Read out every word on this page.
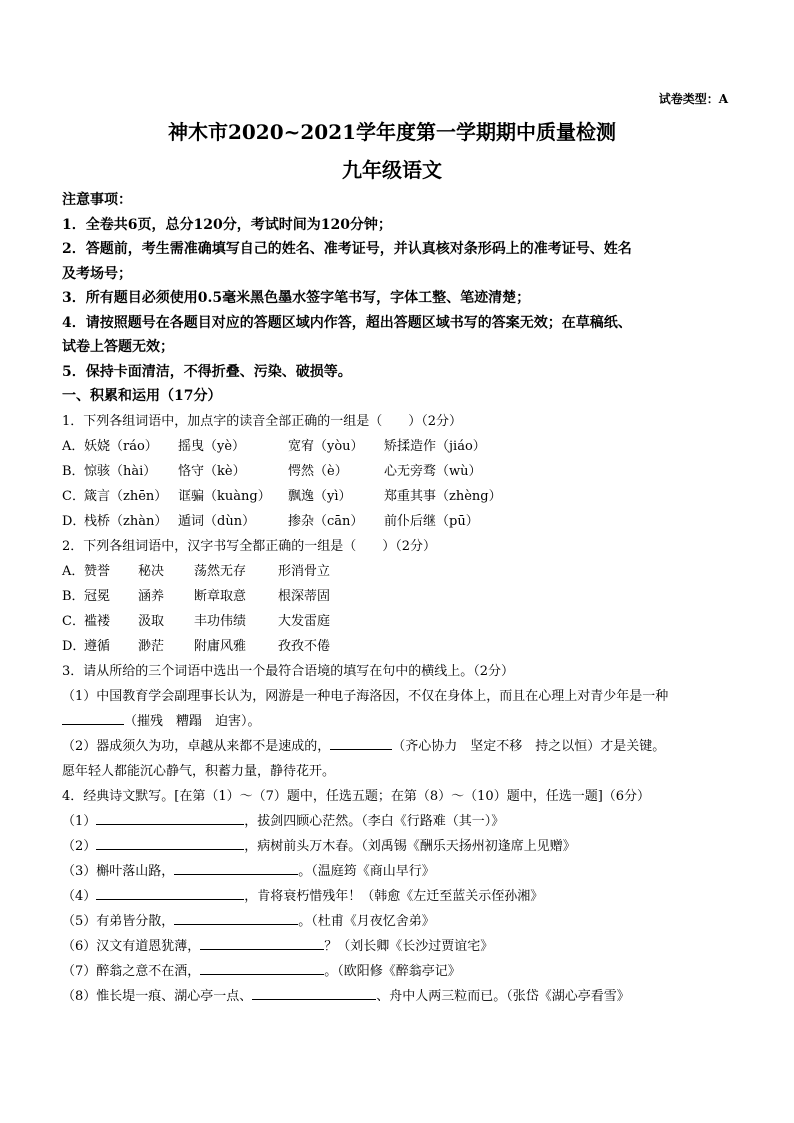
试卷类型：A
神木市2020~2021学年度第一学期期中质量检测
九年级语文
注意事项：
1．全卷共6页，总分120分，考试时间为120分钟；
2．答题前，考生需准确填写自己的姓名、准考证号，并认真核对条形码上的准考证号、姓名
及考场号；
3．所有题目必须使用0.5毫米黑色墨水签字笔书写，字体工整、笔迹清楚；
4．请按照题号在各题目对应的答题区域内作答，超出答题区域书写的答案无效；在草稿纸、
试卷上答题无效；
5．保持卡面清洁，不得折叠、污染、破损等。
一、积累和运用（17分）
1．下列各组词语中，加点字的读音全部正确的一组是（　　）（2分）
A．妖娆（ráo） 摇曳（yè）	宽宥（yòu） 矫揉造作（jiáo）
B．惊骇（hài） 恪守（kè）	愕然（è）	心无旁骛（wù）
C．箴言（zhēn） 诓骗（kuàng） 飘逸（yì） 郑重其事（zhèng）
D．栈桥（zhàn） 遁词（dùn）	掺杂（cān） 前仆后继（pū）
2．下列各组词语中，汉字书写全都正确的一组是（　　）（2分）
A．赞誉 秘决 荡然无存 形消骨立
B．冠冕 涵养 断章取意 根深蒂固
C．褴褛 汲取 丰功伟绩 大发雷庭
D．遵循 渺茫 附庸风雅 孜孜不倦
3．请从所给的三个词语中选出一个最符合语境的填写在句中的横线上。（2分）
（1）中国教育学会副理事长认为，网游是一种电子海洛因，不仅在身体上，而且在心理上对青少年是一种
（摧残　糟蹋　迫害）。
（2）器成须久为功，卓越从来都不是速成的，	（齐心协力　坚定不移　持之以恒）才是关键。
愿年轻人都能沉心静气，积蓄力量，静待花开。
4．经典诗文默写。[在第（1）～（7）题中，任选五题；在第（8）～（10）题中，任选一题]（6分）
（1）	，拔剑四顾心茫然。（李白《行路难（其一）》
（2）	，病树前头万木春。（刘禹锡《酬乐天扬州初逢席上见赠》
（3）槲叶落山路，	。（温庭筠《商山早行》
（4）	，肯将衰朽惜残年！（韩愈《左迁至蓝关示侄孙湘》
（5）有弟皆分散，	。（杜甫《月夜忆舍弟》
（6）汉文有道恩犹薄，	？（刘长卿《长沙过贾谊宅》
（7）醉翁之意不在酒，	。（欧阳修《醉翁亭记》
（8）惟长堤一痕、湖心亭一点、	、舟中人两三粒而已。（张岱《湖心亭看雪》
